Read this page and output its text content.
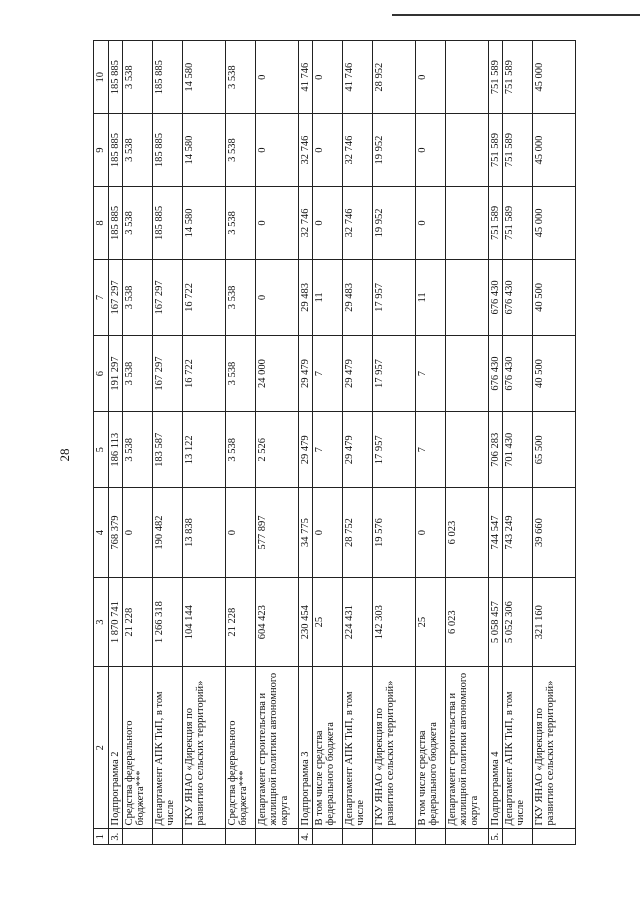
28
1	2	3	4	5	6	7	8	9	10
3.	Подпрограмма 2	1 870 741	768 379	186 113	191 297	167 297	185 885	185 885	185 885
	Средства федерального бюджета***	21 228	0	3 538	3 538	3 538	3 538	3 538	3 538
	Департамент АПК ТиП, в том числе	1 266 318	190 482	183 587	167 297	167 297	185 885	185 885	185 885
	ГКУ ЯНАО «Дирекция по развитию сельских территорий»	104 144	13 838	13 122	16 722	16 722	14 580	14 580	14 580
	Средства федерального бюджета***	21 228	0	3 538	3 538	3 538	3 538	3 538	3 538
	Департамент строительства и жилищной политики автономного округа	604 423	577 897	2 526	24 000	0	0	0	0
4.	Подпрограмма 3	230 454	34 775	29 479	29 479	29 483	32 746	32 746	41 746
	В том числе средства федерального бюджета	25	0	7	7	11	0	0	0
	Департамент АПК ТиП, в том числе	224 431	28 752	29 479	29 479	29 483	32 746	32 746	41 746
	ГКУ ЯНАО «Дирекция по развитию сельских территорий»	142 303	19 576	17 957	17 957	17 957	19 952	19 952	28 952
	В том числе средства федерального бюджета	25	0	7	7	11	0	0	0
	Департамент строительства и жилищной политики автономного округа	6 023	6 023						
5.	Подпрограмма 4	5 058 457	744 547	706 283	676 430	676 430	751 589	751 589	751 589
	Департамент АПК ТиП, в том числе	5 052 306	743 249	701 430	676 430	676 430	751 589	751 589	751 589
	ГКУ ЯНАО «Дирекция по развитию сельских территорий»	321 160	39 660	65 500	40 500	40 500	45 000	45 000	45 000
